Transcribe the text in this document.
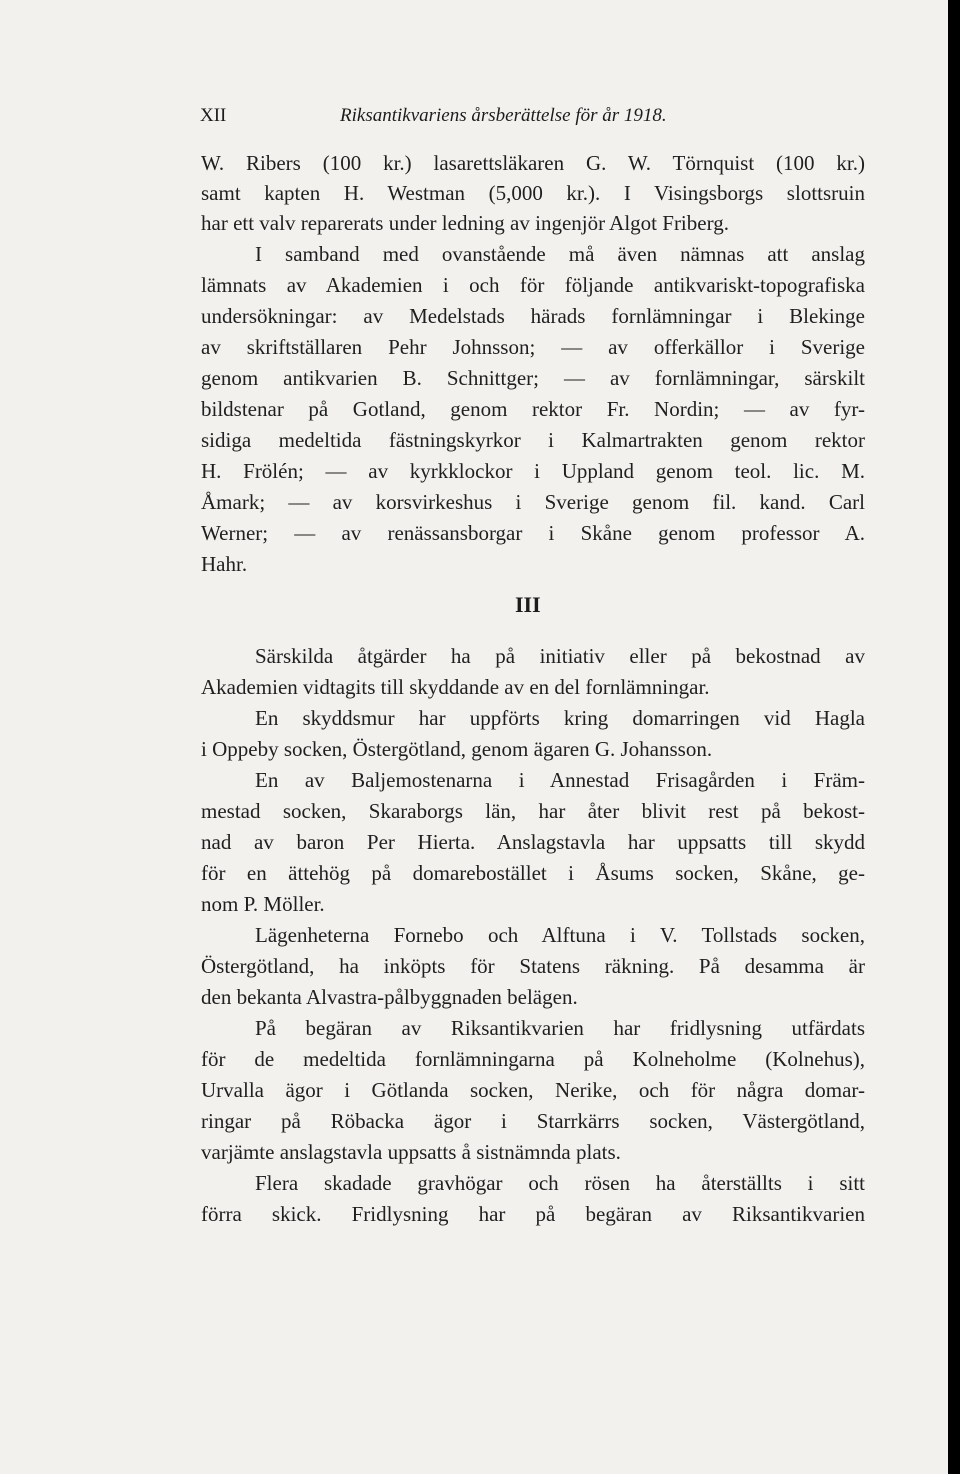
XII	Riksantikvariens årsberättelse för år 1918.
W. Ribers (100 kr.) lasarettsläkaren G. W. Törnquist (100 kr.)
samt kapten H. Westman (5,000 kr.). I Visingsborgs slottsruin
har ett valv reparerats under ledning av ingenjör Algot Friberg.
I samband med ovanstående må även nämnas att anslag
lämnats av Akademien i och för följande antikvariskt-topografiska
undersökningar: av Medelstads härads fornlämningar i Blekinge
av skriftställaren Pehr Johnsson; — av offerkällor i Sverige
genom antikvarien B. Schnittger; — av fornlämningar, särskilt
bildstenar på Gotland, genom rektor Fr. Nordin; — av fyr-
sidiga medeltida fästningskyrkor i Kalmartrakten genom rektor
H. Frölén; — av kyrkklockor i Uppland genom teol. lic. M.
Åmark; — av korsvirkeshus i Sverige genom fil. kand. Carl
Werner; — av renässansborgar i Skåne genom professor A.
Hahr.
III
Särskilda åtgärder ha på initiativ eller på bekostnad av
Akademien vidtagits till skyddande av en del fornlämningar.
En skyddsmur har uppförts kring domarringen vid Hagla
i Oppeby socken, Östergötland, genom ägaren G. Johansson.
En av Baljemostenarna i Annestad Frisagården i Främ-
mestad socken, Skaraborgs län, har åter blivit rest på bekost-
nad av baron Per Hierta. Anslagstavla har uppsatts till skydd
för en ättehög på domarebostället i Åsums socken, Skåne, ge-
nom P. Möller.
Lägenheterna Fornebo och Alftuna i V. Tollstads socken,
Östergötland, ha inköpts för Statens räkning. På desamma är
den bekanta Alvastra-pålbyggnaden belägen.
På begäran av Riksantikvarien har fridlysning utfärdats
för de medeltida fornlämningarna på Kolneholme (Kolnehus),
Urvalla ägor i Götlanda socken, Nerike, och för några domar-
ringar på Röbacka ägor i Starrkärrs socken, Västergötland,
varjämte anslagstavla uppsatts å sistnämnda plats.
Flera skadade gravhögar och rösen ha återställts i sitt
förra skick. Fridlysning har på begäran av Riksantikvarien
